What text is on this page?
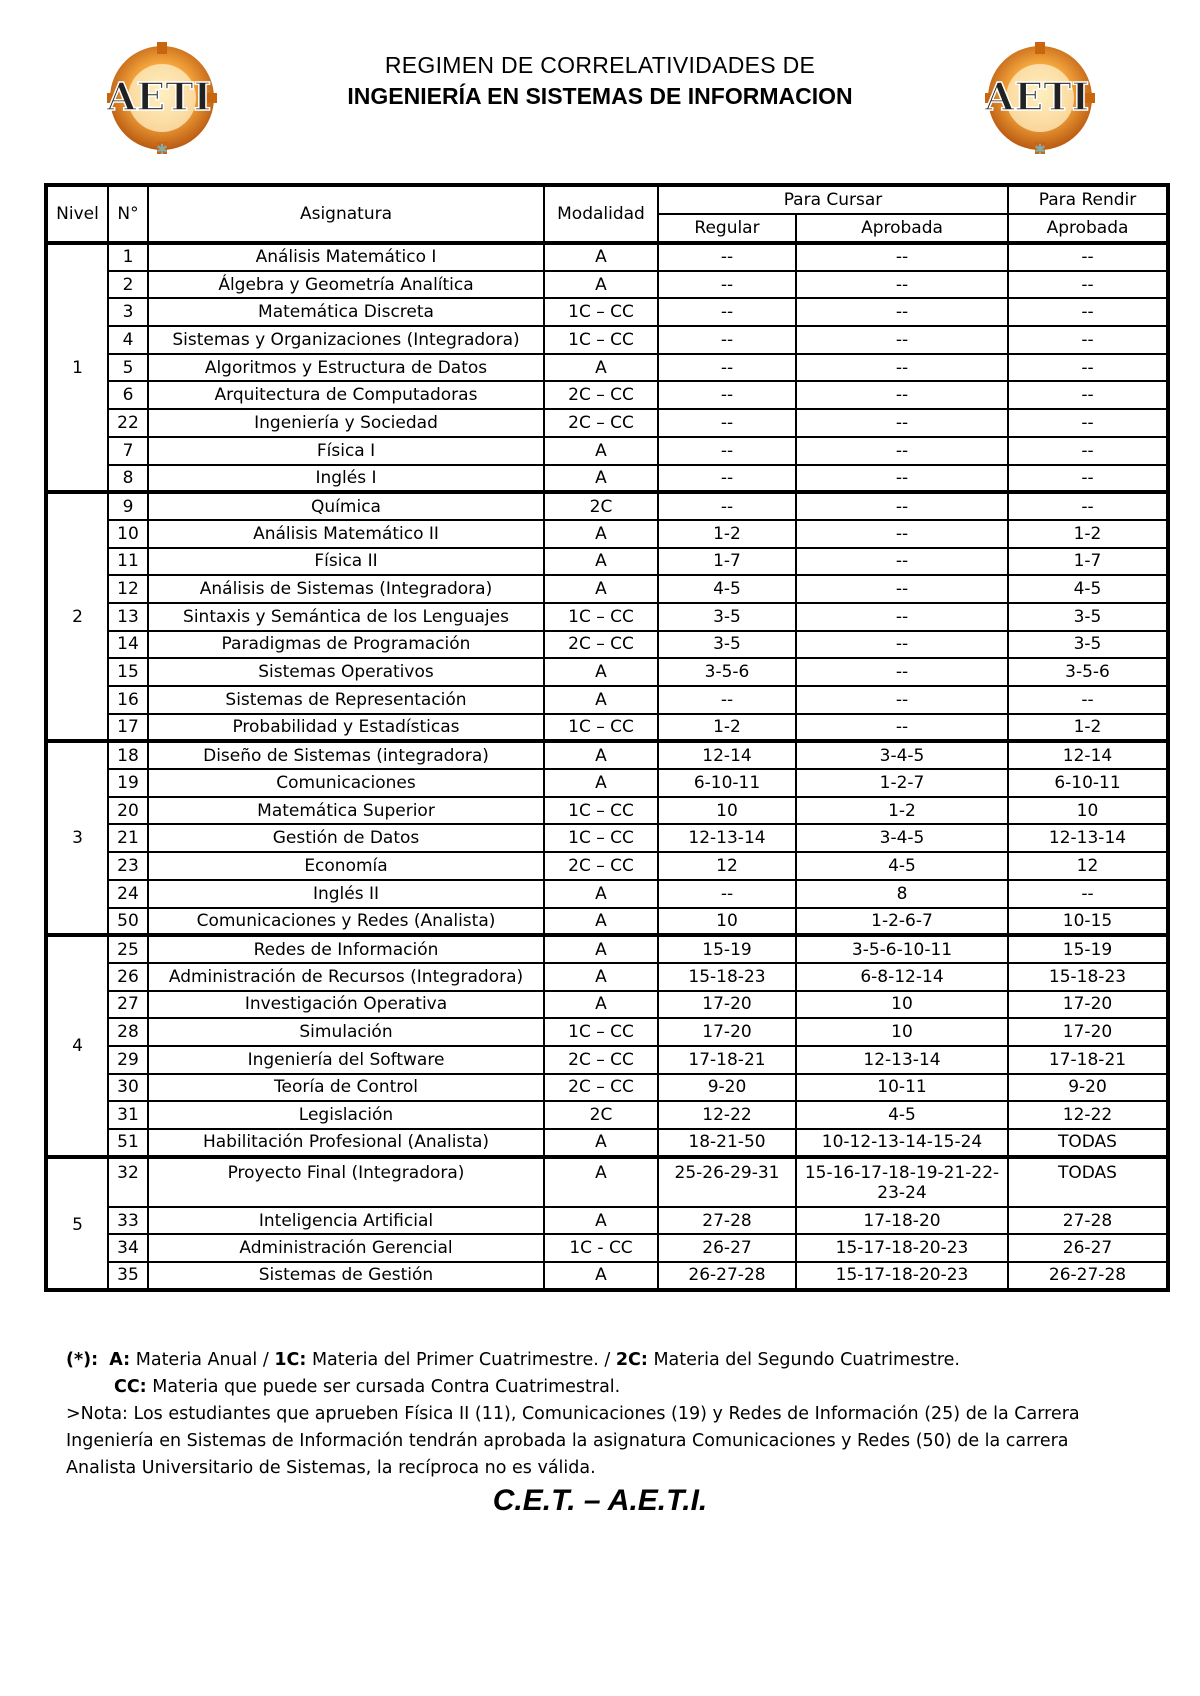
AETI
✱
AETI
✱
REGIMEN DE CORRELATIVIDADES DE
INGENIERÍA EN SISTEMAS DE INFORMACION
Nivel	N°	Asignatura	Modalidad	Para Cursar		Para Rendir
				Regular	Aprobada	Aprobada
1	1	Análisis Matemático I	A	--	--	--
	2	Álgebra y Geometría Analítica	A	--	--	--
	3	Matemática Discreta	1C – CC	--	--	--
	4	Sistemas y Organizaciones (Integradora)	1C – CC	--	--	--
	5	Algoritmos y Estructura de Datos	A	--	--	--
	6	Arquitectura de Computadoras	2C – CC	--	--	--
	22	Ingeniería y Sociedad	2C – CC	--	--	--
	7	Física I	A	--	--	--
	8	Inglés I	A	--	--	--
2	9	Química	2C	--	--	--
	10	Análisis Matemático II	A	1-2	--	1-2
	11	Física II	A	1-7	--	1-7
	12	Análisis de Sistemas (Integradora)	A	4-5	--	4-5
	13	Sintaxis y Semántica de los Lenguajes	1C – CC	3-5	--	3-5
	14	Paradigmas de Programación	2C – CC	3-5	--	3-5
	15	Sistemas Operativos	A	3-5-6	--	3-5-6
	16	Sistemas de Representación	A	--	--	--
	17	Probabilidad y Estadísticas	1C – CC	1-2	--	1-2
3	18	Diseño de Sistemas (integradora)	A	12-14	3-4-5	12-14
	19	Comunicaciones	A	6-10-11	1-2-7	6-10-11
	20	Matemática Superior	1C – CC	10	1-2	10
	21	Gestión de Datos	1C – CC	12-13-14	3-4-5	12-13-14
	23	Economía	2C – CC	12	4-5	12
	24	Inglés II	A	--	8	--
	50	Comunicaciones y Redes (Analista)	A	10	1-2-6-7	10-15
4	25	Redes de Información	A	15-19	3-5-6-10-11	15-19
	26	Administración de Recursos (Integradora)	A	15-18-23	6-8-12-14	15-18-23
	27	Investigación Operativa	A	17-20	10	17-20
	28	Simulación	1C – CC	17-20	10	17-20
	29	Ingeniería del Software	2C – CC	17-18-21	12-13-14	17-18-21
	30	Teoría de Control	2C – CC	9-20	10-11	9-20
	31	Legislación	2C	12-22	4-5	12-22
	51	Habilitación Profesional (Analista)	A	18-21-50	10-12-13-14-15-24	TODAS
5	32	Proyecto Final (Integradora)	A	25-26-29-31	15-16-17-18-19-21-22-23-24	TODAS
	33	Inteligencia Artificial	A	27-28	17-18-20	27-28
	34	Administración Gerencial	1C - CC	26-27	15-17-18-20-23	26-27
	35	Sistemas de Gestión	A	26-27-28	15-17-18-20-23	26-27-28
(*): A: Materia Anual / 1C: Materia del Primer Cuatrimestre. / 2C: Materia del Segundo Cuatrimestre.
CC: Materia que puede ser cursada Contra Cuatrimestral.
>Nota: Los estudiantes que aprueben Física II (11), Comunicaciones (19) y Redes de Información (25) de la Carrera Ingeniería en Sistemas de Información tendrán aprobada la asignatura Comunicaciones y Redes (50) de la carrera Analista Universitario de Sistemas, la recíproca no es válida.
C.E.T. – A.E.T.I.
